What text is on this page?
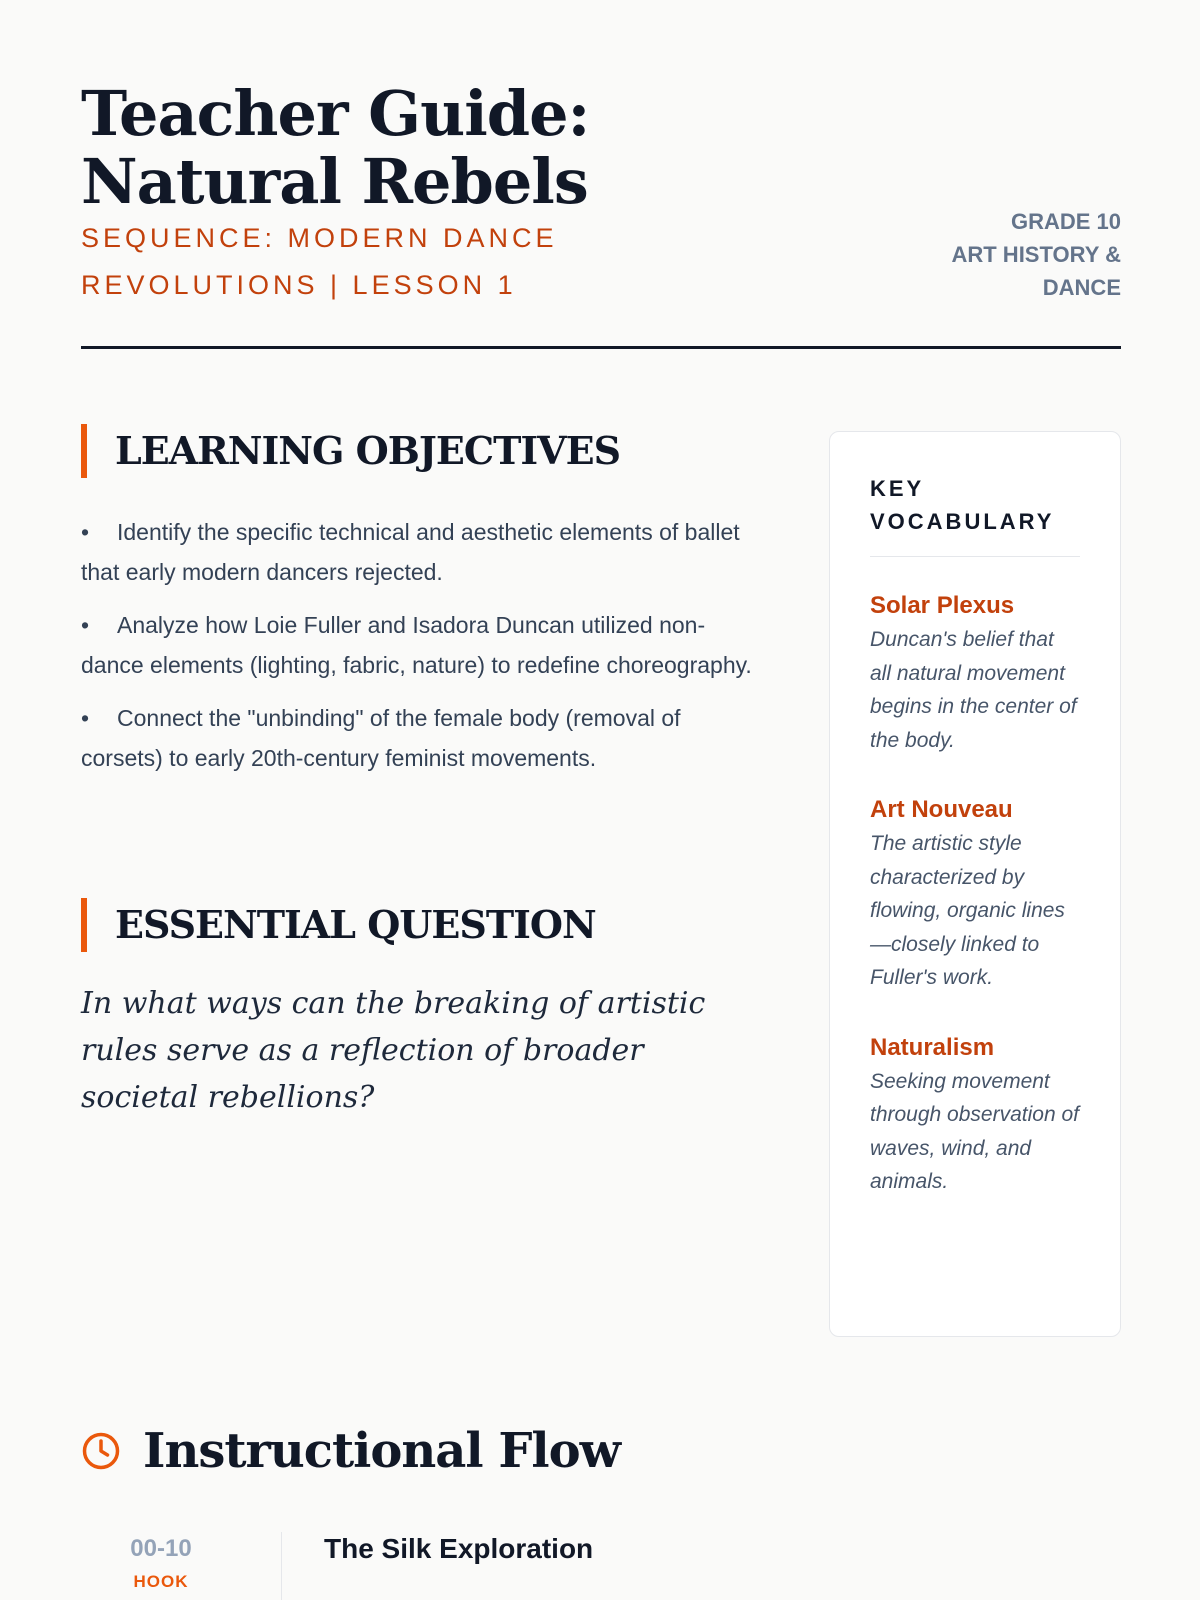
Teacher Guide: Natural Rebels
SEQUENCE: MODERN DANCE REVOLUTIONS | LESSON 1
GRADE 10
ART HISTORY &
DANCE
LEARNING OBJECTIVES
• Identify the specific technical and aesthetic elements of ballet that early modern dancers rejected.
• Analyze how Loie Fuller and Isadora Duncan utilized non-dance elements (lighting, fabric, nature) to redefine choreography.
• Connect the "unbinding" of the female body (removal of corsets) to early 20th-century feminist movements.
ESSENTIAL QUESTION

In what ways can the breaking of artistic rules serve as a reflection of broader societal rebellions?

KEY VOCABULARY
Solar Plexus
Duncan's belief that all natural movement begins in the center of the body.
Art Nouveau
The artistic style characterized by flowing, organic lines—closely linked to Fuller's work.
Naturalism
Seeking movement through observation of waves, wind, and animals.
Instructional Flow
00-10
HOOK
The Silk Exploration
